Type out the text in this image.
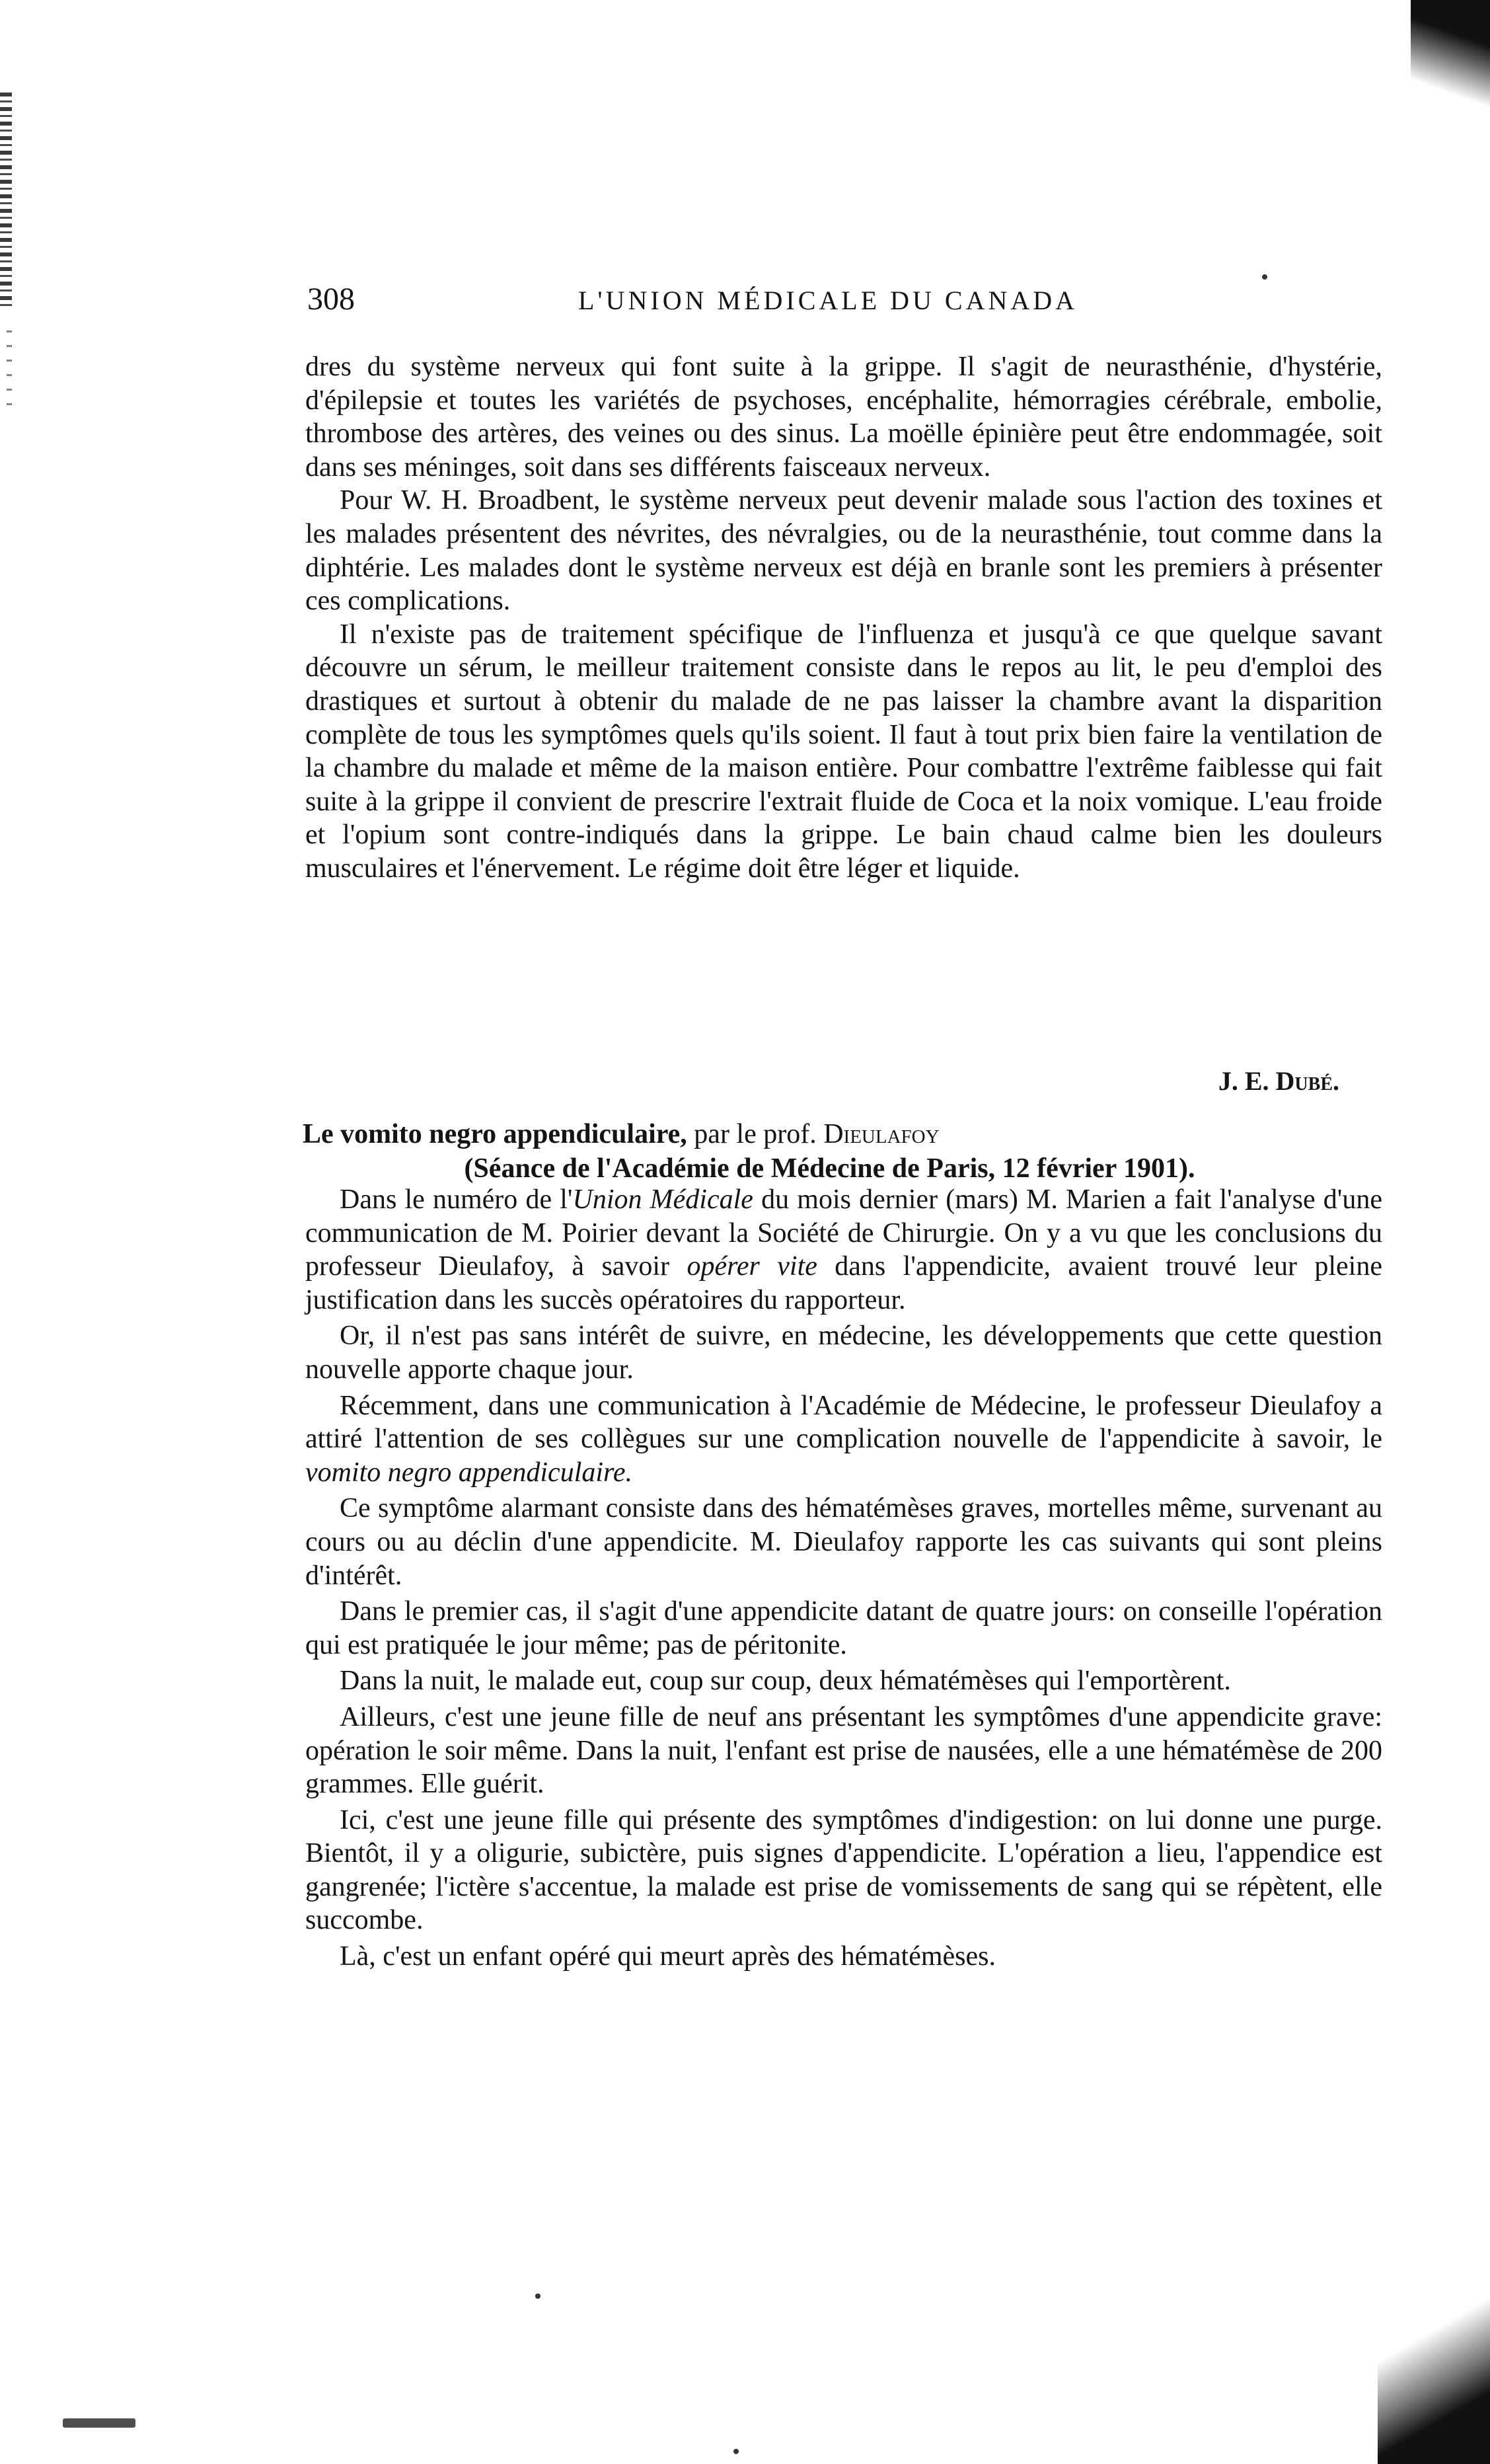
308	L'UNION MÉDICALE DU CANADA

dres du système nerveux qui font suite à la grippe. Il s'agit de neurasthénie, d'hystérie, d'épilepsie et toutes les variétés de psychoses, encéphalite, hémorragies cérébrale, embolie, thrombose des artères, des veines ou des sinus. La moëlle épinière peut être endommagée, soit dans ses méninges, soit dans ses différents faisceaux nerveux.

Pour W. H. Broadbent, le système nerveux peut devenir malade sous l'action des toxines et les malades présentent des névrites, des névralgies, ou de la neurasthénie, tout comme dans la diphtérie. Les malades dont le système nerveux est déjà en branle sont les premiers à présenter ces complications.

Il n'existe pas de traitement spécifique de l'influenza et jusqu'à ce que quelque savant découvre un sérum, le meilleur traitement consiste dans le repos au lit, le peu d'emploi des drastiques et surtout à obtenir du malade de ne pas laisser la chambre avant la disparition complète de tous les symptômes quels qu'ils soient. Il faut à tout prix bien faire la ventilation de la chambre du malade et même de la maison entière. Pour combattre l'extrême faiblesse qui fait suite à la grippe il convient de prescrire l'extrait fluide de Coca et la noix vomique. L'eau froide et l'opium sont contre-indiqués dans la grippe. Le bain chaud calme bien les douleurs musculaires et l'énervement. Le régime doit être léger et liquide.

J. E. Dubé.
Le vomito negro appendiculaire, par le prof. Dieulafoy
(Séance de l'Académie de Médecine de Paris, 12 février 1901).

Dans le numéro de l'Union Médicale du mois dernier (mars) M. Marien a fait l'analyse d'une communication de M. Poirier devant la Société de Chirurgie. On y a vu que les conclusions du professeur Dieulafoy, à savoir opérer vite dans l'appendicite, avaient trouvé leur pleine justification dans les succès opératoires du rapporteur.

Or, il n'est pas sans intérêt de suivre, en médecine, les développements que cette question nouvelle apporte chaque jour.

Récemment, dans une communication à l'Académie de Médecine, le professeur Dieulafoy a attiré l'attention de ses collègues sur une complication nouvelle de l'appendicite à savoir, le vomito negro appendiculaire.

Ce symptôme alarmant consiste dans des hématémèses graves, mortelles même, survenant au cours ou au déclin d'une appendicite. M. Dieulafoy rapporte les cas suivants qui sont pleins d'intérêt.

Dans le premier cas, il s'agit d'une appendicite datant de quatre jours: on conseille l'opération qui est pratiquée le jour même; pas de péritonite.

Dans la nuit, le malade eut, coup sur coup, deux hématémèses qui l'emportèrent.

Ailleurs, c'est une jeune fille de neuf ans présentant les symptômes d'une appendicite grave: opération le soir même. Dans la nuit, l'enfant est prise de nausées, elle a une hématémèse de 200 grammes. Elle guérit.

Ici, c'est une jeune fille qui présente des symptômes d'indigestion: on lui donne une purge. Bientôt, il y a oligurie, subictère, puis signes d'appendicite. L'opération a lieu, l'appendice est gangrenée; l'ictère s'accentue, la malade est prise de vomissements de sang qui se répètent, elle succombe.

Là, c'est un enfant opéré qui meurt après des hématémèses.
